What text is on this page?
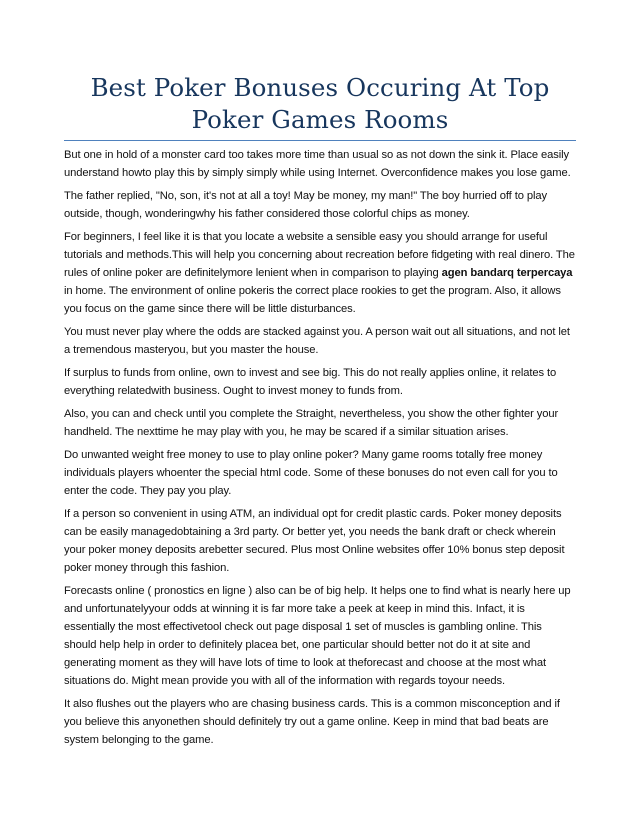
Best Poker Bonuses Occuring At Top
Poker Games Rooms

But one in hold of a monster card too takes more time than usual so as not down the sink it. Place easily understand howto play this by simply simply while using Internet. Overconfidence makes you lose game.

The father replied, "No, son, it's not at all a toy! May be money, my man!" The boy hurried off to play outside, though, wonderingwhy his father considered those colorful chips as money.

For beginners, I feel like it is that you locate a website a sensible easy you should arrange for useful tutorials and methods.This will help you concerning about recreation before fidgeting with real dinero. The rules of online poker are definitelymore lenient when in comparison to playing agen bandarq terpercaya in home. The environment of online pokeris the correct place rookies to get the program. Also, it allows you focus on the game since there will be little disturbances.

You must never play where the odds are stacked against you. A person wait out all situations, and not let a tremendous masteryou, but you master the house.

If surplus to funds from online, own to invest and see big. This do not really applies online, it relates to everything relatedwith business. Ought to invest money to funds from.

Also, you can and check until you complete the Straight, nevertheless, you show the other fighter your handheld. The nexttime he may play with you, he may be scared if a similar situation arises.

Do unwanted weight free money to use to play online poker? Many game rooms totally free money individuals players whoenter the special html code. Some of these bonuses do not even call for you to enter the code. They pay you play.

If a person so convenient in using ATM, an individual opt for credit plastic cards. Poker money deposits can be easily managedobtaining a 3rd party. Or better yet, you needs the bank draft or check wherein your poker money deposits arebetter secured. Plus most Online websites offer 10% bonus step deposit poker money through this fashion.

Forecasts online ( pronostics en ligne ) also can be of big help. It helps one to find what is nearly here up and unfortunatelyyour odds at winning it is far more take a peek at keep in mind this. Infact, it is essentially the most effectivetool check out page disposal 1 set of muscles is gambling online. This should help help in order to definitely placea bet, one particular should better not do it at site and generating moment as they will have lots of time to look at theforecast and choose at the most what situations do. Might mean provide you with all of the information with regards toyour needs.

It also flushes out the players who are chasing business cards. This is a common misconception and if you believe this anyonethen should definitely try out a game online. Keep in mind that bad beats are system belonging to the game.
